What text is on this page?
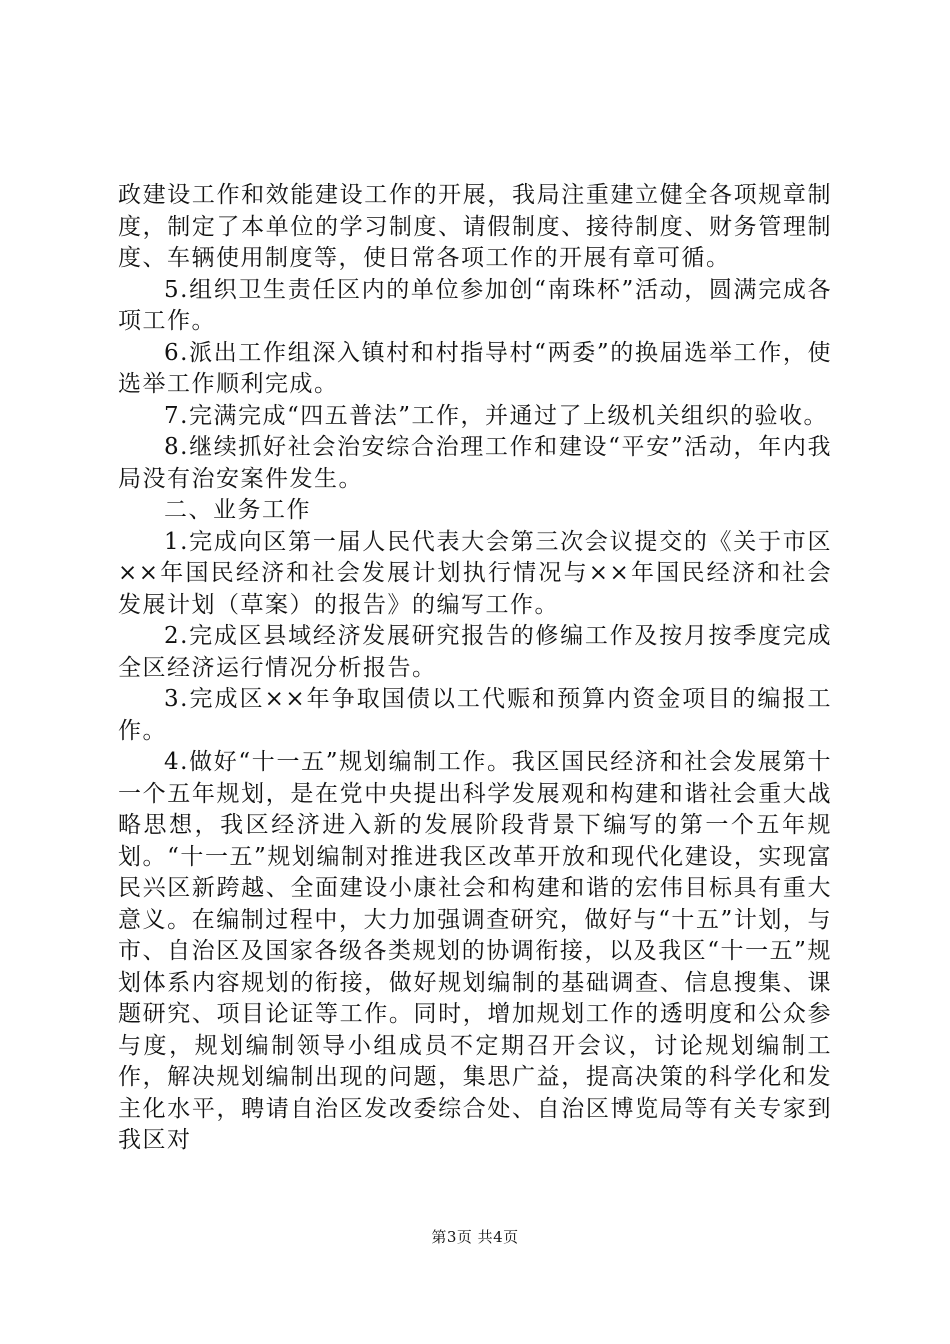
政建设工作和效能建设工作的开展，我局注重建立健全各项规章制度，制定了本单位的学习制度、请假制度、接待制度、财务管理制度、车辆使用制度等，使日常各项工作的开展有章可循。

5.组织卫生责任区内的单位参加创“南珠杯”活动，圆满完成各项工作。

6.派出工作组深入镇村和村指导村“两委”的换届选举工作，使选举工作顺利完成。

7.完满完成“四五普法”工作，并通过了上级机关组织的验收。

8.继续抓好社会治安综合治理工作和建设“平安”活动，年内我局没有治安案件发生。

二、业务工作

1.完成向区第一届人民代表大会第三次会议提交的《关于市区××年国民经济和社会发展计划执行情况与××年国民经济和社会发展计划（草案）的报告》的编写工作。

2.完成区县域经济发展研究报告的修编工作及按月按季度完成全区经济运行情况分析报告。

3.完成区××年争取国债以工代赈和预算内资金项目的编报工作。

4.做好“十一五”规划编制工作。我区国民经济和社会发展第十一个五年规划，是在党中央提出科学发展观和构建和谐社会重大战略思想，我区经济进入新的发展阶段背景下编写的第一个五年规划。“十一五”规划编制对推进我区改革开放和现代化建设，实现富民兴区新跨越、全面建设小康社会和构建和谐的宏伟目标具有重大意义。在编制过程中，大力加强调查研究，做好与“十五”计划，与市、自治区及国家各级各类规划的协调衔接，以及我区“十一五”规划体系内容规划的衔接，做好规划编制的基础调查、信息搜集、课题研究、项目论证等工作。同时，增加规划工作的透明度和公众参与度，规划编制领导小组成员不定期召开会议，讨论规划编制工作，解决规划编制出现的问题，集思广益，提高决策的科学化和发主化水平，聘请自治区发改委综合处、自治区博览局等有关专家到我区对

第3页 共4页
